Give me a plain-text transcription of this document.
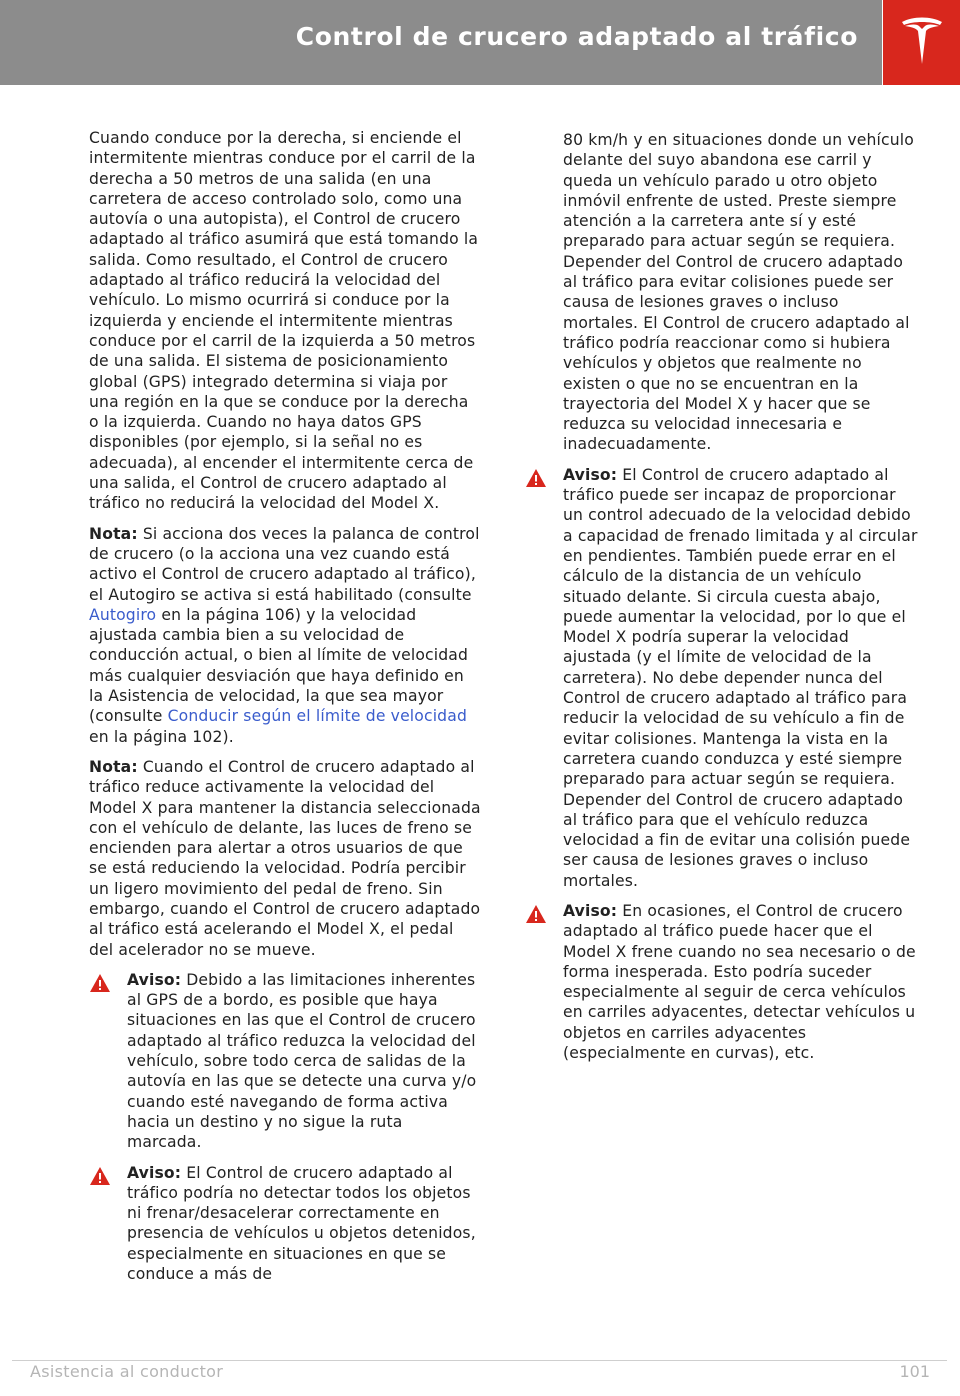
Control de crucero adaptado al tráfico

Cuando conduce por la derecha, si enciende el intermitente mientras conduce por el carril de la derecha a 50 metros de una salida (en una carretera de acceso controlado solo, como una autovía o una autopista), el Control de crucero adaptado al tráfico asumirá que está tomando la salida. Como resultado, el Control de crucero adaptado al tráfico reducirá la velocidad del vehículo. Lo mismo ocurrirá si conduce por la izquierda y enciende el intermitente mientras conduce por el carril de la izquierda a 50 metros de una salida. El sistema de posicionamiento global (GPS) integrado determina si viaja por una región en la que se conduce por la derecha o la izquierda. Cuando no haya datos GPS disponibles (por ejemplo, si la señal no es adecuada), al encender el intermitente cerca de una salida, el Control de crucero adaptado al tráfico no reducirá la velocidad del Model X.

Nota: Si acciona dos veces la palanca de control de crucero (o la acciona una vez cuando está activo el Control de crucero adaptado al tráfico), el Autogiro se activa si está habilitado (consulte Autogiro en la página 106) y la velocidad ajustada cambia bien a su velocidad de conducción actual, o bien al límite de velocidad más cualquier desviación que haya definido en la Asistencia de velocidad, la que sea mayor (consulte Conducir según el límite de velocidad en la página 102).

Nota: Cuando el Control de crucero adaptado al tráfico reduce activamente la velocidad del Model X para mantener la distancia seleccionada con el vehículo de delante, las luces de freno se encienden para alertar a otros usuarios de que se está reduciendo la velocidad. Podría percibir un ligero movimiento del pedal de freno. Sin embargo, cuando el Control de crucero adaptado al tráfico está acelerando el Model X, el pedal del acelerador no se mueve.

Aviso: Debido a las limitaciones inherentes al GPS de a bordo, es posible que haya situaciones en las que el Control de crucero adaptado al tráfico reduzca la velocidad del vehículo, sobre todo cerca de salidas de la autovía en las que se detecte una curva y/o cuando esté navegando de forma activa hacia un destino y no sigue la ruta marcada.
Aviso: El Control de crucero adaptado al tráfico podría no detectar todos los objetos ni frenar/desacelerar correctamente en presencia de vehículos u objetos detenidos, especialmente en situaciones en que se conduce a más de

80 km/h y en situaciones donde un vehículo delante del suyo abandona ese carril y queda un vehículo parado u otro objeto inmóvil enfrente de usted. Preste siempre atención a la carretera ante sí y esté preparado para actuar según se requiera. Depender del Control de crucero adaptado al tráfico para evitar colisiones puede ser causa de lesiones graves o incluso mortales. El Control de crucero adaptado al tráfico podría reaccionar como si hubiera vehículos y objetos que realmente no existen o que no se encuentran en la trayectoria del Model X y hacer que se reduzca su velocidad innecesaria e inadecuadamente.

Aviso: El Control de crucero adaptado al tráfico puede ser incapaz de proporcionar un control adecuado de la velocidad debido a capacidad de frenado limitada y al circular en pendientes. También puede errar en el cálculo de la distancia de un vehículo situado delante. Si circula cuesta abajo, puede aumentar la velocidad, por lo que el Model X podría superar la velocidad ajustada (y el límite de velocidad de la carretera). No debe depender nunca del Control de crucero adaptado al tráfico para reducir la velocidad de su vehículo a fin de evitar colisiones. Mantenga la vista en la carretera cuando conduzca y esté siempre preparado para actuar según se requiera. Depender del Control de crucero adaptado al tráfico para que el vehículo reduzca velocidad a fin de evitar una colisión puede ser causa de lesiones graves o incluso mortales.
Aviso: En ocasiones, el Control de crucero adaptado al tráfico puede hacer que el Model X frene cuando no sea necesario o de forma inesperada. Esto podría suceder especialmente al seguir de cerca vehículos en carriles adyacentes, detectar vehículos u objetos en carriles adyacentes (especialmente en curvas), etc.
Asistencia al conductor	101
